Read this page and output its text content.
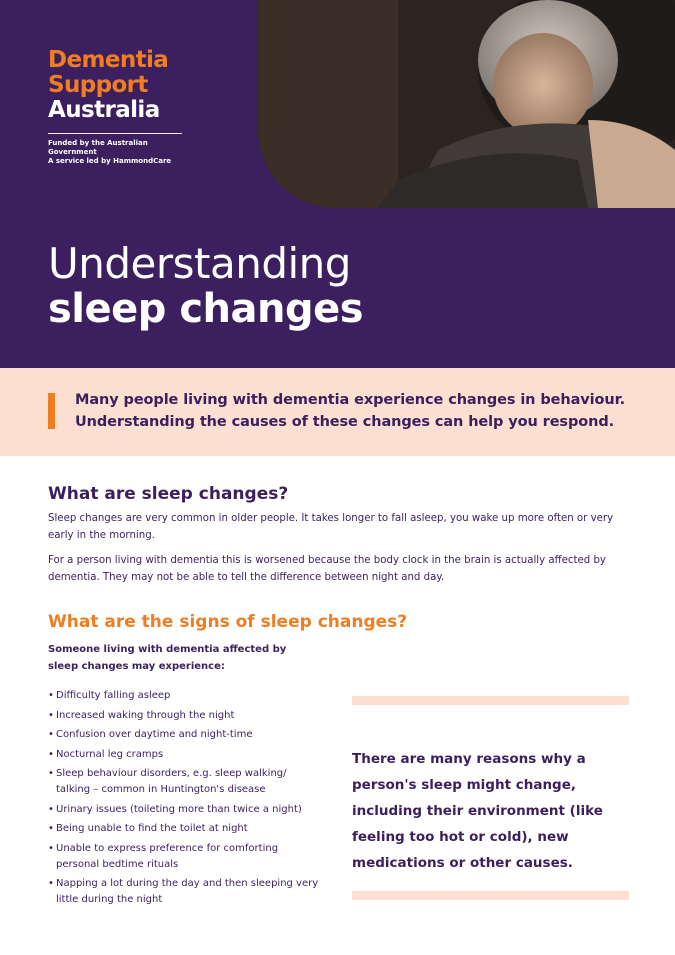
Dementia
Support
Australia
Funded by the Australian Government
A service led by HammondCare
Understanding
sleep changes
Many people living with dementia experience changes in behaviour. Understanding the causes of these changes can help you respond.
What are sleep changes?
Sleep changes are very common in older people. It takes longer to fall asleep, you wake up more often or very early in the morning.
For a person living with dementia this is worsened because the body clock in the brain is actually affected by dementia. They may not be able to tell the difference between night and day.
What are the signs of sleep changes?
Someone living with dementia affected by sleep changes may experience:
• Difficulty falling asleep
• Increased waking through the night
• Confusion over daytime and night-time
• Nocturnal leg cramps
• Sleep behaviour disorders, e.g. sleep walking/ talking – common in Huntington's disease
• Urinary issues (toileting more than twice a night)
• Being unable to find the toilet at night
• Unable to express preference for comforting personal bedtime rituals
• Napping a lot during the day and then sleeping very little during the night
There are many reasons why a person's sleep might change, including their environment (like feeling too hot or cold), new medications or other causes.
